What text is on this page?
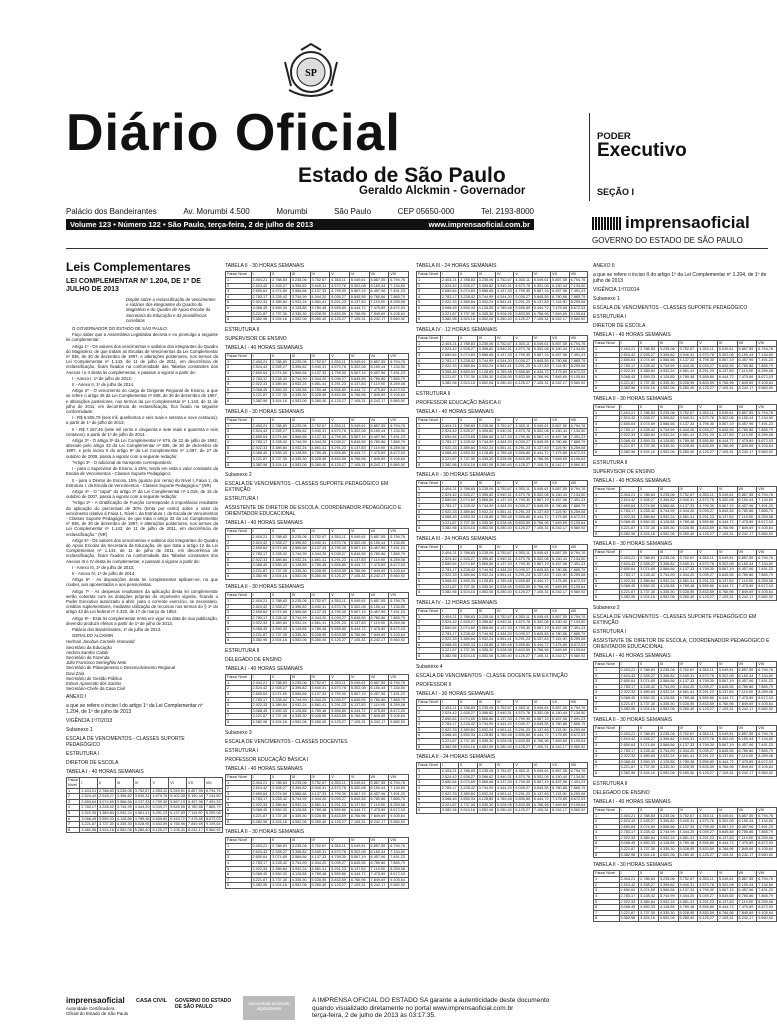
SP
Diário Oficial
Estado de São Paulo
Geraldo Alckmin - Governador
PODER
Executivo
SEÇÃO I
Palácio dos Bandeirantes	Av. Morumbi 4.500	Morumbi	São Paulo	CEP 05650-000	Tel. 2193-8000
Volume 123 • Número 122 • São Paulo, terça-feira, 2 de julho de 2013	www.imprensaoficial.com.br	imprensaoficial
GOVERNO DO ESTADO DE SÃO PAULO
Leis Complementares
LEI COMPLEMENTAR Nº 1.204, DE 1º DE JULHO DE 2013
Dispõe sobre a reclassificação de vencimentos e salários dos integrantes do Quadro do Magistério e do Quadro de Apoio Escolar da Secretaria da Educação e dá providências correlatas

O GOVERNADOR DO ESTADO DE SÃO PAULO:

Faço saber que a Assembleia Legislativa decreta e eu promulgo a seguinte lei complementar:

Artigo 1º - Os valores dos vencimentos e salários dos integrantes do Quadro do Magistério, de que tratam as Escalas de Vencimentos da Lei Complementar nº 836, de 30 de dezembro de 1997, e alterações posteriores, nos termos da Lei Complementar nº 1.143, de 11 de julho de 2011, em decorrência de reclassificação, ficam fixados na conformidade das Tabelas constantes dos Anexos I e II desta lei complementar, e passam a vigorar a partir de:

I - Anexo I, 1º de julho de 2013;

II - Anexo II, 1º de julho de 2014.

Artigo 2º - O vencimento do cargo de Dirigente Regional de Ensino, a que se refere o artigo 45 da Lei Complementar nº 836, de 30 de dezembro de 1997, e alterações posteriores, nos termos da Lei Complementar nº 1.143, de 11 de julho de 2011, em decorrência de reclassificação, fica fixado na seguinte conformidade:

I - R$ 6.506,79 (seis mil, quinhentos e seis reais e setenta e nove centavos), a partir de 1º de julho de 2013;

II - R$ 7.157,46 (sete mil cento e cinquenta e sete reais e quarenta e seis centavos), a partir de 1º de julho de 2014.

Artigo 3º - O artigo 3º da Lei Complementar nº 679, de 22 de julho de 1992, alterado pelo artigo 43 da Lei Complementar nº 836, de 30 de dezembro de 1997, e pelo inciso II do artigo 9º da Lei Complementar nº 1.097, de 27 de outubro de 2009, passa a vigorar com a seguinte redação:

"Artigo 3º - O adicional de transporte corresponderá:

I - para o Supervisor de Ensino, a 25%, tendo em vista o valor constante da Escala de Vencimentos - Classes Suporte Pedagógico;

II - para o Diretor de Escola, 15% (quinze por cento) do Nível I, Faixa 1, da Estrutura I, da Escala de Vencimentos - Classes Suporte Pedagógico." (NR)

Artigo 4º - O "caput" do artigo 2º da Lei Complementar nº 1.018, de 15 de outubro de 2007, passa a vigorar com a seguinte redação:

"Artigo 2º - A Gratificação de Função corresponde à importância resultante da aplicação do percentual de 30% (trinta por cento) sobre o valor do vencimento relativo à Faixa 1, Nível I, da Estrutura I, da Escala de Vencimentos - Classes Suporte Pedagógico, de que trata o artigo 32 da Lei Complementar nº 836, de 30 de dezembro de 1997, e alterações posteriores, nos termos da Lei Complementar nº 1.143, de 11 de julho de 2011, em decorrência de reclassificação." (NR)

Artigo 5º - Os valores dos vencimentos e salários dos integrantes do Quadro de Apoio Escolar da Secretaria da Educação, de que trata o artigo 12 da Lei Complementar nº 1.144, de 11 de julho de 2011, em decorrência de reclassificação, ficam fixados na conformidade das Tabelas constantes dos Anexos III e IV desta lei complementar, e passam a vigorar a partir de:

I - Anexo III, 1º de julho de 2013;

II - Anexo IV, 1º de julho de 2014.

Artigo 6º - As disposições desta lei complementar aplicam-se, no que couber, aos aposentados e aos pensionistas.

Artigo 7º - As despesas resultantes da aplicação desta lei complementar serão cobertas com as dotações próprias do orçamento vigente, ficando o Poder Executivo autorizado a abrir, para o corrente exercício, se necessário, créditos suplementares, mediante utilização de recursos nos termos do § 1º do artigo 43 da Lei federal nº 4.320, de 17 de março de 1964.

Artigo 8º - Esta lei complementar entra em vigor na data de sua publicação, devendo produzir efeitos a partir de 1º de julho de 2013.

Palácio dos Bandeirantes, 1º de julho de 2013.

GERALDO ALCKMIN

Herman Jacobus Cornelis Voorwald
Secretário da Educação
Andrea Sandro Calabi
Secretário da Fazenda
Júlio Francisco Semeghini Neto
Secretário de Planejamento e Desenvolvimento Regional
Davi Zaia
Secretário de Gestão Pública
Edson Aparecido dos Santos
Secretário-Chefe da Casa Civil
ANEXO I
a que se refere o inciso I do artigo 1º da Lei Complementar nº 1.204, de 1º de julho de 2013
VIGÊNCIA 1º/7/2013
Subanexo 1
ESCALA DE VENCIMENTOS - CLASSES SUPORTE PEDAGÓGICO
ESTRUTURA I
DIRETOR DE ESCOLA
TABELA I - 40 HORAS SEMANAIS
Faixa/ Nível	I	II	III	IV	V	VI	VII	VIII
1	2.404,21	2.788,83	3.235,06	3.752,67	4.353,11	5.049,61	5.857,55	6.794,76
2	2.524,42	2.928,27	3.396,82	3.940,31	4.570,76	5.302,08	6.150,44	7.134,50
3	2.650,64	3.074,69	3.566,66	4.137,33	4.799,30	5.567,19	6.457,96	7.491,23
4	2.783,17	3.228,42	3.744,99	4.344,20	5.039,27	5.845,55	6.780,86	7.865,79
5	2.922,33	3.389,84	3.932,24	4.561,41	5.291,23	6.137,83	7.119,90	8.259,08
6	3.068,45	3.559,33	4.128,85	4.789,48	5.555,80	6.444,72	7.475,89	8.672,03
7	3.221,87	3.737,30	4.335,30	5.028,95	5.833,59	6.766,96	7.849,69	9.105,64
8	3.382,96	3.924,16	4.552,06	5.280,40	6.125,27	7.105,31	8.242,17	9.560,92
TABELA II - 30 HORAS SEMANAIS
Faixa/ Nível	I	II	III	IV	V	VI	VII	VIII
1	2.404,21	2.788,83	3.235,06	3.752,67	4.353,11	5.049,61	5.857,55	6.794,76
2	2.524,42	2.928,27	3.396,82	3.940,31	4.570,76	5.302,08	6.150,44	7.134,50
3	2.650,64	3.074,69	3.566,66	4.137,33	4.799,30	5.567,19	6.457,96	7.491,23
4	2.783,17	3.228,42	3.744,99	4.344,20	5.039,27	5.845,55	6.780,86	7.865,79
5	2.922,33	3.389,84	3.932,24	4.561,41	5.291,23	6.137,83	7.119,90	8.259,08
6	3.068,45	3.559,33	4.128,85	4.789,48	5.555,80	6.444,72	7.475,89	8.672,03
7	3.221,87	3.737,30	4.335,30	5.028,95	5.833,59	6.766,96	7.849,69	9.105,64
8	3.382,96	3.924,16	4.552,06	5.280,40	6.125,27	7.105,31	8.242,17	9.560,92
ESTRUTURA II
SUPERVISOR DE ENSINO
TABELA I - 40 HORAS SEMANAIS
Faixa/ Nível	I	II	III	IV	V	VI	VII	VIII
1	2.404,21	2.788,83	3.235,06	3.752,67	4.353,11	5.049,61	5.857,55	6.794,76
2	2.524,42	2.928,27	3.396,82	3.940,31	4.570,76	5.302,08	6.150,44	7.134,50
3	2.650,64	3.074,69	3.566,66	4.137,33	4.799,30	5.567,19	6.457,96	7.491,23
4	2.783,17	3.228,42	3.744,99	4.344,20	5.039,27	5.845,55	6.780,86	7.865,79
5	2.922,33	3.389,84	3.932,24	4.561,41	5.291,23	6.137,83	7.119,90	8.259,08
6	3.068,45	3.559,33	4.128,85	4.789,48	5.555,80	6.444,72	7.475,89	8.672,03
7	3.221,87	3.737,30	4.335,30	5.028,95	5.833,59	6.766,96	7.849,69	9.105,64
8	3.382,96	3.924,16	4.552,06	5.280,40	6.125,27	7.105,31	8.242,17	9.560,92
TABELA II - 30 HORAS SEMANAIS
Faixa/ Nível	I	II	III	IV	V	VI	VII	VIII
1	2.404,21	2.788,83	3.235,06	3.752,67	4.353,11	5.049,61	5.857,55	6.794,76
2	2.524,42	2.928,27	3.396,82	3.940,31	4.570,76	5.302,08	6.150,44	7.134,50
3	2.650,64	3.074,69	3.566,66	4.137,33	4.799,30	5.567,19	6.457,96	7.491,23
4	2.783,17	3.228,42	3.744,99	4.344,20	5.039,27	5.845,55	6.780,86	7.865,79
5	2.922,33	3.389,84	3.932,24	4.561,41	5.291,23	6.137,83	7.119,90	8.259,08
6	3.068,45	3.559,33	4.128,85	4.789,48	5.555,80	6.444,72	7.475,89	8.672,03
7	3.221,87	3.737,30	4.335,30	5.028,95	5.833,59	6.766,96	7.849,69	9.105,64
8	3.382,96	3.924,16	4.552,06	5.280,40	6.125,27	7.105,31	8.242,17	9.560,92
Subanexo 2
ESCALA DE VENCIMENTOS - CLASSES SUPORTE PEDAGÓGICO EM EXTINÇÃO
ESTRUTURA I
ASSISTENTE DE DIRETOR DE ESCOLA, COORDENADOR PEDAGÓGICO E ORIENTADOR EDUCACIONAL
TABELA I - 40 HORAS SEMANAIS
Faixa/ Nível	I	II	III	IV	V	VI	VII	VIII
1	2.404,21	2.788,83	3.235,06	3.752,67	4.353,11	5.049,61	5.857,55	6.794,76
2	2.524,42	2.928,27	3.396,82	3.940,31	4.570,76	5.302,08	6.150,44	7.134,50
3	2.650,64	3.074,69	3.566,66	4.137,33	4.799,30	5.567,19	6.457,96	7.491,23
4	2.783,17	3.228,42	3.744,99	4.344,20	5.039,27	5.845,55	6.780,86	7.865,79
5	2.922,33	3.389,84	3.932,24	4.561,41	5.291,23	6.137,83	7.119,90	8.259,08
6	3.068,45	3.559,33	4.128,85	4.789,48	5.555,80	6.444,72	7.475,89	8.672,03
7	3.221,87	3.737,30	4.335,30	5.028,95	5.833,59	6.766,96	7.849,69	9.105,64
8	3.382,96	3.924,16	4.552,06	5.280,40	6.125,27	7.105,31	8.242,17	9.560,92
TABELA II - 30 HORAS SEMANAIS
Faixa/ Nível	I	II	III	IV	V	VI	VII	VIII
1	2.404,21	2.788,83	3.235,06	3.752,67	4.353,11	5.049,61	5.857,55	6.794,76
2	2.524,42	2.928,27	3.396,82	3.940,31	4.570,76	5.302,08	6.150,44	7.134,50
3	2.650,64	3.074,69	3.566,66	4.137,33	4.799,30	5.567,19	6.457,96	7.491,23
4	2.783,17	3.228,42	3.744,99	4.344,20	5.039,27	5.845,55	6.780,86	7.865,79
5	2.922,33	3.389,84	3.932,24	4.561,41	5.291,23	6.137,83	7.119,90	8.259,08
6	3.068,45	3.559,33	4.128,85	4.789,48	5.555,80	6.444,72	7.475,89	8.672,03
7	3.221,87	3.737,30	4.335,30	5.028,95	5.833,59	6.766,96	7.849,69	9.105,64
8	3.382,96	3.924,16	4.552,06	5.280,40	6.125,27	7.105,31	8.242,17	9.560,92
ESTRUTURA II
DELEGADO DE ENSINO
TABELA I - 40 HORAS SEMANAIS
Faixa/ Nível	I	II	III	IV	V	VI	VII	VIII
1	2.404,21	2.788,83	3.235,06	3.752,67	4.353,11	5.049,61	5.857,55	6.794,76
2	2.524,42	2.928,27	3.396,82	3.940,31	4.570,76	5.302,08	6.150,44	7.134,50
3	2.650,64	3.074,69	3.566,66	4.137,33	4.799,30	5.567,19	6.457,96	7.491,23
4	2.783,17	3.228,42	3.744,99	4.344,20	5.039,27	5.845,55	6.780,86	7.865,79
5	2.922,33	3.389,84	3.932,24	4.561,41	5.291,23	6.137,83	7.119,90	8.259,08
6	3.068,45	3.559,33	4.128,85	4.789,48	5.555,80	6.444,72	7.475,89	8.672,03
7	3.221,87	3.737,30	4.335,30	5.028,95	5.833,59	6.766,96	7.849,69	9.105,64
8	3.382,96	3.924,16	4.552,06	5.280,40	6.125,27	7.105,31	8.242,17	9.560,92
Subanexo 3
ESCALA DE VENCIMENTOS - CLASSES DOCENTES
ESTRUTURA I
PROFESSOR EDUCAÇÃO BÁSICA I
TABELA I - 40 HORAS SEMANAIS
Faixa/ Nível	I	II	III	IV	V	VI	VII	VIII
1	2.404,21	2.788,83	3.235,06	3.752,67	4.353,11	5.049,61	5.857,55	6.794,76
2	2.524,42	2.928,27	3.396,82	3.940,31	4.570,76	5.302,08	6.150,44	7.134,50
3	2.650,64	3.074,69	3.566,66	4.137,33	4.799,30	5.567,19	6.457,96	7.491,23
4	2.783,17	3.228,42	3.744,99	4.344,20	5.039,27	5.845,55	6.780,86	7.865,79
5	2.922,33	3.389,84	3.932,24	4.561,41	5.291,23	6.137,83	7.119,90	8.259,08
6	3.068,45	3.559,33	4.128,85	4.789,48	5.555,80	6.444,72	7.475,89	8.672,03
7	3.221,87	3.737,30	4.335,30	5.028,95	5.833,59	6.766,96	7.849,69	9.105,64
8	3.382,96	3.924,16	4.552,06	5.280,40	6.125,27	7.105,31	8.242,17	9.560,92
TABELA II - 30 HORAS SEMANAIS
Faixa/ Nível	I	II	III	IV	V	VI	VII	VIII
1	2.404,21	2.788,83	3.235,06	3.752,67	4.353,11	5.049,61	5.857,55	6.794,76
2	2.524,42	2.928,27	3.396,82	3.940,31	4.570,76	5.302,08	6.150,44	7.134,50
3	2.650,64	3.074,69	3.566,66	4.137,33	4.799,30	5.567,19	6.457,96	7.491,23
4	2.783,17	3.228,42	3.744,99	4.344,20	5.039,27	5.845,55	6.780,86	7.865,79
5	2.922,33	3.389,84	3.932,24	4.561,41	5.291,23	6.137,83	7.119,90	8.259,08
6	3.068,45	3.559,33	4.128,85	4.789,48	5.555,80	6.444,72	7.475,89	8.672,03
7	3.221,87	3.737,30	4.335,30	5.028,95	5.833,59	6.766,96	7.849,69	9.105,64
8	3.382,96	3.924,16	4.552,06	5.280,40	6.125,27	7.105,31	8.242,17	9.560,92
TABELA III - 24 HORAS SEMANAIS
Faixa/ Nível	I	II	III	IV	V	VI	VII	VIII
1	2.404,21	2.788,83	3.235,06	3.752,67	4.353,11	5.049,61	5.857,55	6.794,76
2	2.524,42	2.928,27	3.396,82	3.940,31	4.570,76	5.302,08	6.150,44	7.134,50
3	2.650,64	3.074,69	3.566,66	4.137,33	4.799,30	5.567,19	6.457,96	7.491,23
4	2.783,17	3.228,42	3.744,99	4.344,20	5.039,27	5.845,55	6.780,86	7.865,79
5	2.922,33	3.389,84	3.932,24	4.561,41	5.291,23	6.137,83	7.119,90	8.259,08
6	3.068,45	3.559,33	4.128,85	4.789,48	5.555,80	6.444,72	7.475,89	8.672,03
7	3.221,87	3.737,30	4.335,30	5.028,95	5.833,59	6.766,96	7.849,69	9.105,64
8	3.382,96	3.924,16	4.552,06	5.280,40	6.125,27	7.105,31	8.242,17	9.560,92
TABELA IV - 12 HORAS SEMANAIS
Faixa/ Nível	I	II	III	IV	V	VI	VII	VIII
1	2.404,21	2.788,83	3.235,06	3.752,67	4.353,11	5.049,61	5.857,55	6.794,76
2	2.524,42	2.928,27	3.396,82	3.940,31	4.570,76	5.302,08	6.150,44	7.134,50
3	2.650,64	3.074,69	3.566,66	4.137,33	4.799,30	5.567,19	6.457,96	7.491,23
4	2.783,17	3.228,42	3.744,99	4.344,20	5.039,27	5.845,55	6.780,86	7.865,79
5	2.922,33	3.389,84	3.932,24	4.561,41	5.291,23	6.137,83	7.119,90	8.259,08
6	3.068,45	3.559,33	4.128,85	4.789,48	5.555,80	6.444,72	7.475,89	8.672,03
7	3.221,87	3.737,30	4.335,30	5.028,95	5.833,59	6.766,96	7.849,69	9.105,64
8	3.382,96	3.924,16	4.552,06	5.280,40	6.125,27	7.105,31	8.242,17	9.560,92
ESTRUTURA II
PROFESSOR EDUCAÇÃO BÁSICA II
TABELA I - 40 HORAS SEMANAIS
Faixa/ Nível	I	II	III	IV	V	VI	VII	VIII
1	2.404,21	2.788,83	3.235,06	3.752,67	4.353,11	5.049,61	5.857,55	6.794,76
2	2.524,42	2.928,27	3.396,82	3.940,31	4.570,76	5.302,08	6.150,44	7.134,50
3	2.650,64	3.074,69	3.566,66	4.137,33	4.799,30	5.567,19	6.457,96	7.491,23
4	2.783,17	3.228,42	3.744,99	4.344,20	5.039,27	5.845,55	6.780,86	7.865,79
5	2.922,33	3.389,84	3.932,24	4.561,41	5.291,23	6.137,83	7.119,90	8.259,08
6	3.068,45	3.559,33	4.128,85	4.789,48	5.555,80	6.444,72	7.475,89	8.672,03
7	3.221,87	3.737,30	4.335,30	5.028,95	5.833,59	6.766,96	7.849,69	9.105,64
8	3.382,96	3.924,16	4.552,06	5.280,40	6.125,27	7.105,31	8.242,17	9.560,92
TABELA II - 30 HORAS SEMANAIS
Faixa/ Nível	I	II	III	IV	V	VI	VII	VIII
1	2.404,21	2.788,83	3.235,06	3.752,67	4.353,11	5.049,61	5.857,55	6.794,76
2	2.524,42	2.928,27	3.396,82	3.940,31	4.570,76	5.302,08	6.150,44	7.134,50
3	2.650,64	3.074,69	3.566,66	4.137,33	4.799,30	5.567,19	6.457,96	7.491,23
4	2.783,17	3.228,42	3.744,99	4.344,20	5.039,27	5.845,55	6.780,86	7.865,79
5	2.922,33	3.389,84	3.932,24	4.561,41	5.291,23	6.137,83	7.119,90	8.259,08
6	3.068,45	3.559,33	4.128,85	4.789,48	5.555,80	6.444,72	7.475,89	8.672,03
7	3.221,87	3.737,30	4.335,30	5.028,95	5.833,59	6.766,96	7.849,69	9.105,64
8	3.382,96	3.924,16	4.552,06	5.280,40	6.125,27	7.105,31	8.242,17	9.560,92
TABELA III - 24 HORAS SEMANAIS
Faixa/ Nível	I	II	III	IV	V	VI	VII	VIII
1	2.404,21	2.788,83	3.235,06	3.752,67	4.353,11	5.049,61	5.857,55	6.794,76
2	2.524,42	2.928,27	3.396,82	3.940,31	4.570,76	5.302,08	6.150,44	7.134,50
3	2.650,64	3.074,69	3.566,66	4.137,33	4.799,30	5.567,19	6.457,96	7.491,23
4	2.783,17	3.228,42	3.744,99	4.344,20	5.039,27	5.845,55	6.780,86	7.865,79
5	2.922,33	3.389,84	3.932,24	4.561,41	5.291,23	6.137,83	7.119,90	8.259,08
6	3.068,45	3.559,33	4.128,85	4.789,48	5.555,80	6.444,72	7.475,89	8.672,03
7	3.221,87	3.737,30	4.335,30	5.028,95	5.833,59	6.766,96	7.849,69	9.105,64
8	3.382,96	3.924,16	4.552,06	5.280,40	6.125,27	7.105,31	8.242,17	9.560,92
TABELA IV - 12 HORAS SEMANAIS
Faixa/ Nível	I	II	III	IV	V	VI	VII	VIII
1	2.404,21	2.788,83	3.235,06	3.752,67	4.353,11	5.049,61	5.857,55	6.794,76
2	2.524,42	2.928,27	3.396,82	3.940,31	4.570,76	5.302,08	6.150,44	7.134,50
3	2.650,64	3.074,69	3.566,66	4.137,33	4.799,30	5.567,19	6.457,96	7.491,23
4	2.783,17	3.228,42	3.744,99	4.344,20	5.039,27	5.845,55	6.780,86	7.865,79
5	2.922,33	3.389,84	3.932,24	4.561,41	5.291,23	6.137,83	7.119,90	8.259,08
6	3.068,45	3.559,33	4.128,85	4.789,48	5.555,80	6.444,72	7.475,89	8.672,03
7	3.221,87	3.737,30	4.335,30	5.028,95	5.833,59	6.766,96	7.849,69	9.105,64
8	3.382,96	3.924,16	4.552,06	5.280,40	6.125,27	7.105,31	8.242,17	9.560,92
Subanexo 4
ESCALA DE VENCIMENTOS - CLASSE DOCENTE EM EXTINÇÃO
PROFESSOR II
TABELA I - 30 HORAS SEMANAIS
Faixa/ Nível	I	II	III	IV	V	VI	VII	VIII
1	2.404,21	2.788,83	3.235,06	3.752,67	4.353,11	5.049,61	5.857,55	6.794,76
2	2.524,42	2.928,27	3.396,82	3.940,31	4.570,76	5.302,08	6.150,44	7.134,50
3	2.650,64	3.074,69	3.566,66	4.137,33	4.799,30	5.567,19	6.457,96	7.491,23
4	2.783,17	3.228,42	3.744,99	4.344,20	5.039,27	5.845,55	6.780,86	7.865,79
5	2.922,33	3.389,84	3.932,24	4.561,41	5.291,23	6.137,83	7.119,90	8.259,08
6	3.068,45	3.559,33	4.128,85	4.789,48	5.555,80	6.444,72	7.475,89	8.672,03
7	3.221,87	3.737,30	4.335,30	5.028,95	5.833,59	6.766,96	7.849,69	9.105,64
8	3.382,96	3.924,16	4.552,06	5.280,40	6.125,27	7.105,31	8.242,17	9.560,92
TABELA II - 24 HORAS SEMANAIS
Faixa/ Nível	I	II	III	IV	V	VI	VII	VIII
1	2.404,21	2.788,83	3.235,06	3.752,67	4.353,11	5.049,61	5.857,55	6.794,76
2	2.524,42	2.928,27	3.396,82	3.940,31	4.570,76	5.302,08	6.150,44	7.134,50
3	2.650,64	3.074,69	3.566,66	4.137,33	4.799,30	5.567,19	6.457,96	7.491,23
4	2.783,17	3.228,42	3.744,99	4.344,20	5.039,27	5.845,55	6.780,86	7.865,79
5	2.922,33	3.389,84	3.932,24	4.561,41	5.291,23	6.137,83	7.119,90	8.259,08
6	3.068,45	3.559,33	4.128,85	4.789,48	5.555,80	6.444,72	7.475,89	8.672,03
7	3.221,87	3.737,30	4.335,30	5.028,95	5.833,59	6.766,96	7.849,69	9.105,64
8	3.382,96	3.924,16	4.552,06	5.280,40	6.125,27	7.105,31	8.242,17	9.560,92
ANEXO II
a que se refere o inciso II do artigo 1º da Lei Complementar nº 1.204, de 1º de julho de 2013
VIGÊNCIA 1º/7/2014
Subanexo 1
ESCALA DE VENCIMENTOS - CLASSES SUPORTE PEDAGÓGICO
ESTRUTURA I
DIRETOR DE ESCOLA
TABELA I - 40 HORAS SEMANAIS
Faixa/ Nível	I	II	III	IV	V	VI	VII	VIII
1	2.404,21	2.788,83	3.235,06	3.752,67	4.353,11	5.049,61	5.857,55	6.794,76
2	2.524,42	2.928,27	3.396,82	3.940,31	4.570,76	5.302,08	6.150,44	7.134,50
3	2.650,64	3.074,69	3.566,66	4.137,33	4.799,30	5.567,19	6.457,96	7.491,23
4	2.783,17	3.228,42	3.744,99	4.344,20	5.039,27	5.845,55	6.780,86	7.865,79
5	2.922,33	3.389,84	3.932,24	4.561,41	5.291,23	6.137,83	7.119,90	8.259,08
6	3.068,45	3.559,33	4.128,85	4.789,48	5.555,80	6.444,72	7.475,89	8.672,03
7	3.221,87	3.737,30	4.335,30	5.028,95	5.833,59	6.766,96	7.849,69	9.105,64
8	3.382,96	3.924,16	4.552,06	5.280,40	6.125,27	7.105,31	8.242,17	9.560,92
TABELA II - 30 HORAS SEMANAIS
Faixa/ Nível	I	II	III	IV	V	VI	VII	VIII
1	2.404,21	2.788,83	3.235,06	3.752,67	4.353,11	5.049,61	5.857,55	6.794,76
2	2.524,42	2.928,27	3.396,82	3.940,31	4.570,76	5.302,08	6.150,44	7.134,50
3	2.650,64	3.074,69	3.566,66	4.137,33	4.799,30	5.567,19	6.457,96	7.491,23
4	2.783,17	3.228,42	3.744,99	4.344,20	5.039,27	5.845,55	6.780,86	7.865,79
5	2.922,33	3.389,84	3.932,24	4.561,41	5.291,23	6.137,83	7.119,90	8.259,08
6	3.068,45	3.559,33	4.128,85	4.789,48	5.555,80	6.444,72	7.475,89	8.672,03
7	3.221,87	3.737,30	4.335,30	5.028,95	5.833,59	6.766,96	7.849,69	9.105,64
8	3.382,96	3.924,16	4.552,06	5.280,40	6.125,27	7.105,31	8.242,17	9.560,92
ESTRUTURA II
SUPERVISOR DE ENSINO
TABELA I - 40 HORAS SEMANAIS
Faixa/ Nível	I	II	III	IV	V	VI	VII	VIII
1	2.404,21	2.788,83	3.235,06	3.752,67	4.353,11	5.049,61	5.857,55	6.794,76
2	2.524,42	2.928,27	3.396,82	3.940,31	4.570,76	5.302,08	6.150,44	7.134,50
3	2.650,64	3.074,69	3.566,66	4.137,33	4.799,30	5.567,19	6.457,96	7.491,23
4	2.783,17	3.228,42	3.744,99	4.344,20	5.039,27	5.845,55	6.780,86	7.865,79
5	2.922,33	3.389,84	3.932,24	4.561,41	5.291,23	6.137,83	7.119,90	8.259,08
6	3.068,45	3.559,33	4.128,85	4.789,48	5.555,80	6.444,72	7.475,89	8.672,03
7	3.221,87	3.737,30	4.335,30	5.028,95	5.833,59	6.766,96	7.849,69	9.105,64
8	3.382,96	3.924,16	4.552,06	5.280,40	6.125,27	7.105,31	8.242,17	9.560,92
TABELA II - 30 HORAS SEMANAIS
Faixa/ Nível	I	II	III	IV	V	VI	VII	VIII
1	2.404,21	2.788,83	3.235,06	3.752,67	4.353,11	5.049,61	5.857,55	6.794,76
2	2.524,42	2.928,27	3.396,82	3.940,31	4.570,76	5.302,08	6.150,44	7.134,50
3	2.650,64	3.074,69	3.566,66	4.137,33	4.799,30	5.567,19	6.457,96	7.491,23
4	2.783,17	3.228,42	3.744,99	4.344,20	5.039,27	5.845,55	6.780,86	7.865,79
5	2.922,33	3.389,84	3.932,24	4.561,41	5.291,23	6.137,83	7.119,90	8.259,08
6	3.068,45	3.559,33	4.128,85	4.789,48	5.555,80	6.444,72	7.475,89	8.672,03
7	3.221,87	3.737,30	4.335,30	5.028,95	5.833,59	6.766,96	7.849,69	9.105,64
8	3.382,96	3.924,16	4.552,06	5.280,40	6.125,27	7.105,31	8.242,17	9.560,92
Subanexo 2
ESCALA DE VENCIMENTOS - CLASSES SUPORTE PEDAGÓGICO EM EXTINÇÃO
ESTRUTURA I
ASSISTENTE DE DIRETOR DE ESCOLA, COORDENADOR PEDAGÓGICO E ORIENTADOR EDUCACIONAL
TABELA I - 40 HORAS SEMANAIS
Faixa/ Nível	I	II	III	IV	V	VI	VII	VIII
1	2.404,21	2.788,83	3.235,06	3.752,67	4.353,11	5.049,61	5.857,55	6.794,76
2	2.524,42	2.928,27	3.396,82	3.940,31	4.570,76	5.302,08	6.150,44	7.134,50
3	2.650,64	3.074,69	3.566,66	4.137,33	4.799,30	5.567,19	6.457,96	7.491,23
4	2.783,17	3.228,42	3.744,99	4.344,20	5.039,27	5.845,55	6.780,86	7.865,79
5	2.922,33	3.389,84	3.932,24	4.561,41	5.291,23	6.137,83	7.119,90	8.259,08
6	3.068,45	3.559,33	4.128,85	4.789,48	5.555,80	6.444,72	7.475,89	8.672,03
7	3.221,87	3.737,30	4.335,30	5.028,95	5.833,59	6.766,96	7.849,69	9.105,64
8	3.382,96	3.924,16	4.552,06	5.280,40	6.125,27	7.105,31	8.242,17	9.560,92
TABELA II - 30 HORAS SEMANAIS
Faixa/ Nível	I	II	III	IV	V	VI	VII	VIII
1	2.404,21	2.788,83	3.235,06	3.752,67	4.353,11	5.049,61	5.857,55	6.794,76
2	2.524,42	2.928,27	3.396,82	3.940,31	4.570,76	5.302,08	6.150,44	7.134,50
3	2.650,64	3.074,69	3.566,66	4.137,33	4.799,30	5.567,19	6.457,96	7.491,23
4	2.783,17	3.228,42	3.744,99	4.344,20	5.039,27	5.845,55	6.780,86	7.865,79
5	2.922,33	3.389,84	3.932,24	4.561,41	5.291,23	6.137,83	7.119,90	8.259,08
6	3.068,45	3.559,33	4.128,85	4.789,48	5.555,80	6.444,72	7.475,89	8.672,03
7	3.221,87	3.737,30	4.335,30	5.028,95	5.833,59	6.766,96	7.849,69	9.105,64
8	3.382,96	3.924,16	4.552,06	5.280,40	6.125,27	7.105,31	8.242,17	9.560,92
ESTRUTURA II
DELEGADO DE ENSINO
TABELA I - 40 HORAS SEMANAIS
Faixa/ Nível	I	II	III	IV	V	VI	VII	VIII
1	2.404,21	2.788,83	3.235,06	3.752,67	4.353,11	5.049,61	5.857,55	6.794,76
2	2.524,42	2.928,27	3.396,82	3.940,31	4.570,76	5.302,08	6.150,44	7.134,50
3	2.650,64	3.074,69	3.566,66	4.137,33	4.799,30	5.567,19	6.457,96	7.491,23
4	2.783,17	3.228,42	3.744,99	4.344,20	5.039,27	5.845,55	6.780,86	7.865,79
5	2.922,33	3.389,84	3.932,24	4.561,41	5.291,23	6.137,83	7.119,90	8.259,08
6	3.068,45	3.559,33	4.128,85	4.789,48	5.555,80	6.444,72	7.475,89	8.672,03
7	3.221,87	3.737,30	4.335,30	5.028,95	5.833,59	6.766,96	7.849,69	9.105,64
8	3.382,96	3.924,16	4.552,06	5.280,40	6.125,27	7.105,31	8.242,17	9.560,92
TABELA II - 30 HORAS SEMANAIS
Faixa/ Nível	I	II	III	IV	V	VI	VII	VIII
1	2.404,21	2.788,83	3.235,06	3.752,67	4.353,11	5.049,61	5.857,55	6.794,76
2	2.524,42	2.928,27	3.396,82	3.940,31	4.570,76	5.302,08	6.150,44	7.134,50
3	2.650,64	3.074,69	3.566,66	4.137,33	4.799,30	5.567,19	6.457,96	7.491,23
4	2.783,17	3.228,42	3.744,99	4.344,20	5.039,27	5.845,55	6.780,86	7.865,79
5	2.922,33	3.389,84	3.932,24	4.561,41	5.291,23	6.137,83	7.119,90	8.259,08
6	3.068,45	3.559,33	4.128,85	4.789,48	5.555,80	6.444,72	7.475,89	8.672,03
7	3.221,87	3.737,30	4.335,30	5.028,95	5.833,59	6.766,96	7.849,69	9.105,64
8	3.382,96	3.924,16	4.552,06	5.280,40	6.125,27	7.105,31	8.242,17	9.560,92
imprensaoficial
Autoridade Certificadora
Oficial do Estado de São Paulo
CASA CIVIL GOVERNO DO ESTADO
DE SÃO PAULO
documento assinado digitalmente
A IMPRENSA OFICIAL DO ESTADO SA garante a autenticidade deste documento
quando visualizado diretamente no portal www.imprensaoficial.com.br
terça-feira, 2 de julho de 2013 às 03:17:35.
